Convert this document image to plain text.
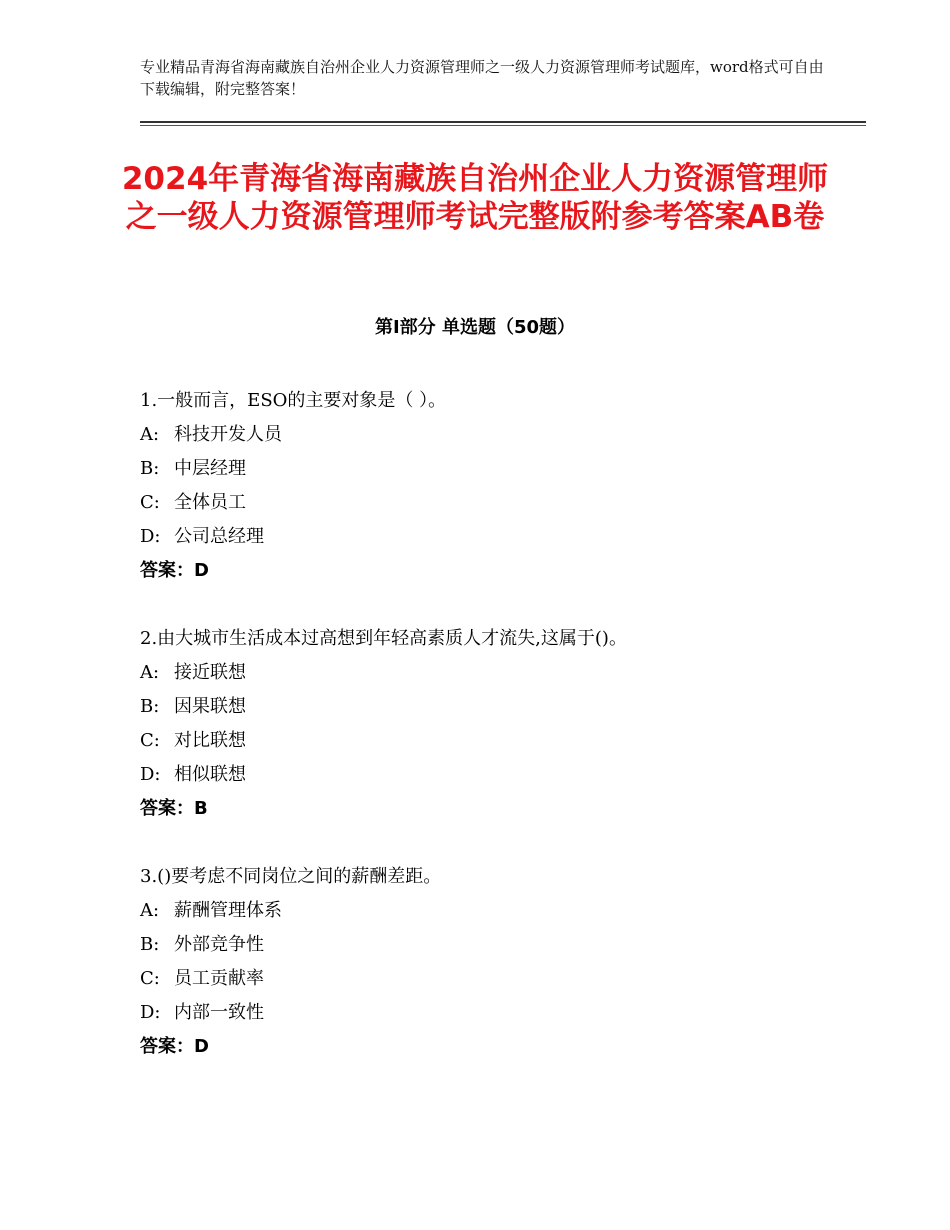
专业精品青海省海南藏族自治州企业人力资源管理师之一级人力资源管理师考试题库，word格式可自由下载编辑，附完整答案！
2024年青海省海南藏族自治州企业人力资源管理师之一级人力资源管理师考试完整版附参考答案AB卷
第Ⅰ部分 单选题（50题）
1.一般而言，ESO的主要对象是（ ）。
A: 科技开发人员
B: 中层经理
C: 全体员工
D: 公司总经理
答案：D
2.由大城市生活成本过高想到年轻高素质人才流失,这属于()。
A: 接近联想
B: 因果联想
C: 对比联想
D: 相似联想
答案：B
3.()要考虑不同岗位之间的薪酬差距。
A: 薪酬管理体系
B: 外部竞争性
C: 员工贡献率
D: 内部一致性
答案：D
